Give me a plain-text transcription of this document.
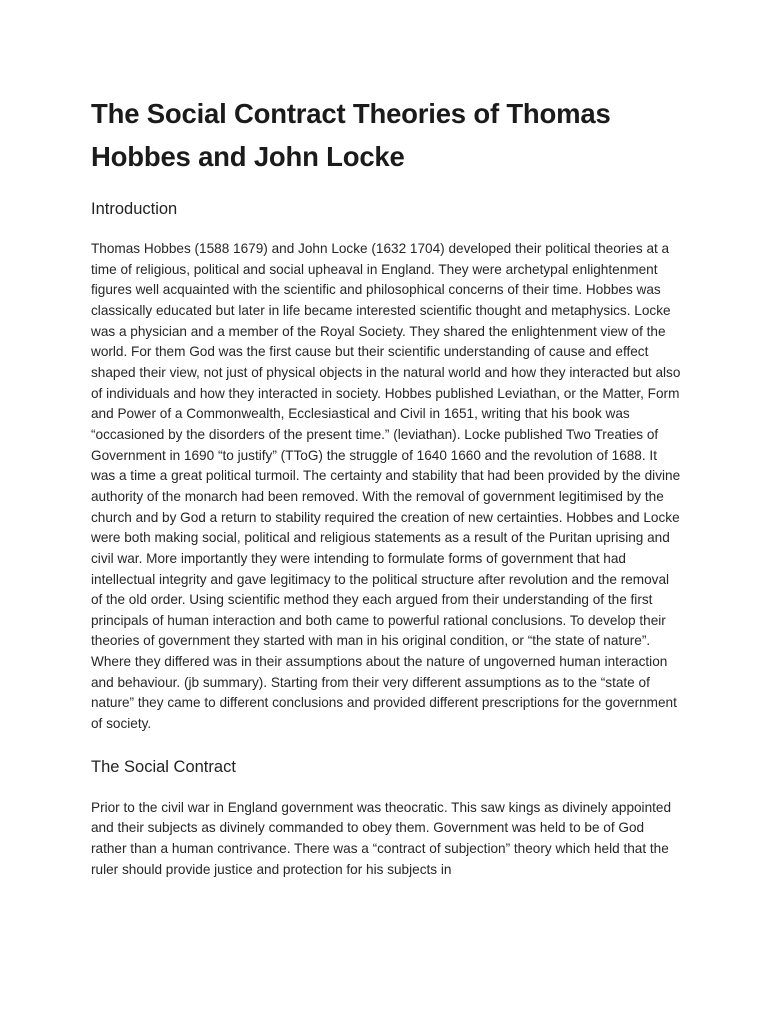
The Social Contract Theories of Thomas Hobbes and John Locke
Introduction

Thomas Hobbes (1588 1679) and John Locke (1632 1704) developed their political theories at a time of religious, political and social upheaval in England. They were archetypal enlightenment figures well acquainted with the scientific and philosophical concerns of their time. Hobbes was classically educated but later in life became interested scientific thought and metaphysics. Locke was a physician and a member of the Royal Society. They shared the enlightenment view of the world. For them God was the first cause but their scientific understanding of cause and effect shaped their view, not just of physical objects in the natural world and how they interacted but also of individuals and how they interacted in society. Hobbes published Leviathan, or the Matter, Form and Power of a Commonwealth, Ecclesiastical and Civil in 1651, writing that his book was “occasioned by the disorders of the present time.” (leviathan). Locke published Two Treaties of Government in 1690 “to justify” (TToG) the struggle of 1640 1660 and the revolution of 1688. It was a time a great political turmoil. The certainty and stability that had been provided by the divine authority of the monarch had been removed. With the removal of government legitimised by the church and by God a return to stability required the creation of new certainties. Hobbes and Locke were both making social, political and religious statements as a result of the Puritan uprising and civil war. More importantly they were intending to formulate forms of government that had intellectual integrity and gave legitimacy to the political structure after revolution and the removal of the old order. Using scientific method they each argued from their understanding of the first principals of human interaction and both came to powerful rational conclusions. To develop their theories of government they started with man in his original condition, or “the state of nature”. Where they differed was in their assumptions about the nature of ungoverned human interaction and behaviour. (jb summary). Starting from their very different assumptions as to the “state of nature” they came to different conclusions and provided different prescriptions for the government of society.

The Social Contract

Prior to the civil war in England government was theocratic. This saw kings as divinely appointed and their subjects as divinely commanded to obey them. Government was held to be of God rather than a human contrivance. There was a “contract of subjection” theory which held that the ruler should provide justice and protection for his subjects in
